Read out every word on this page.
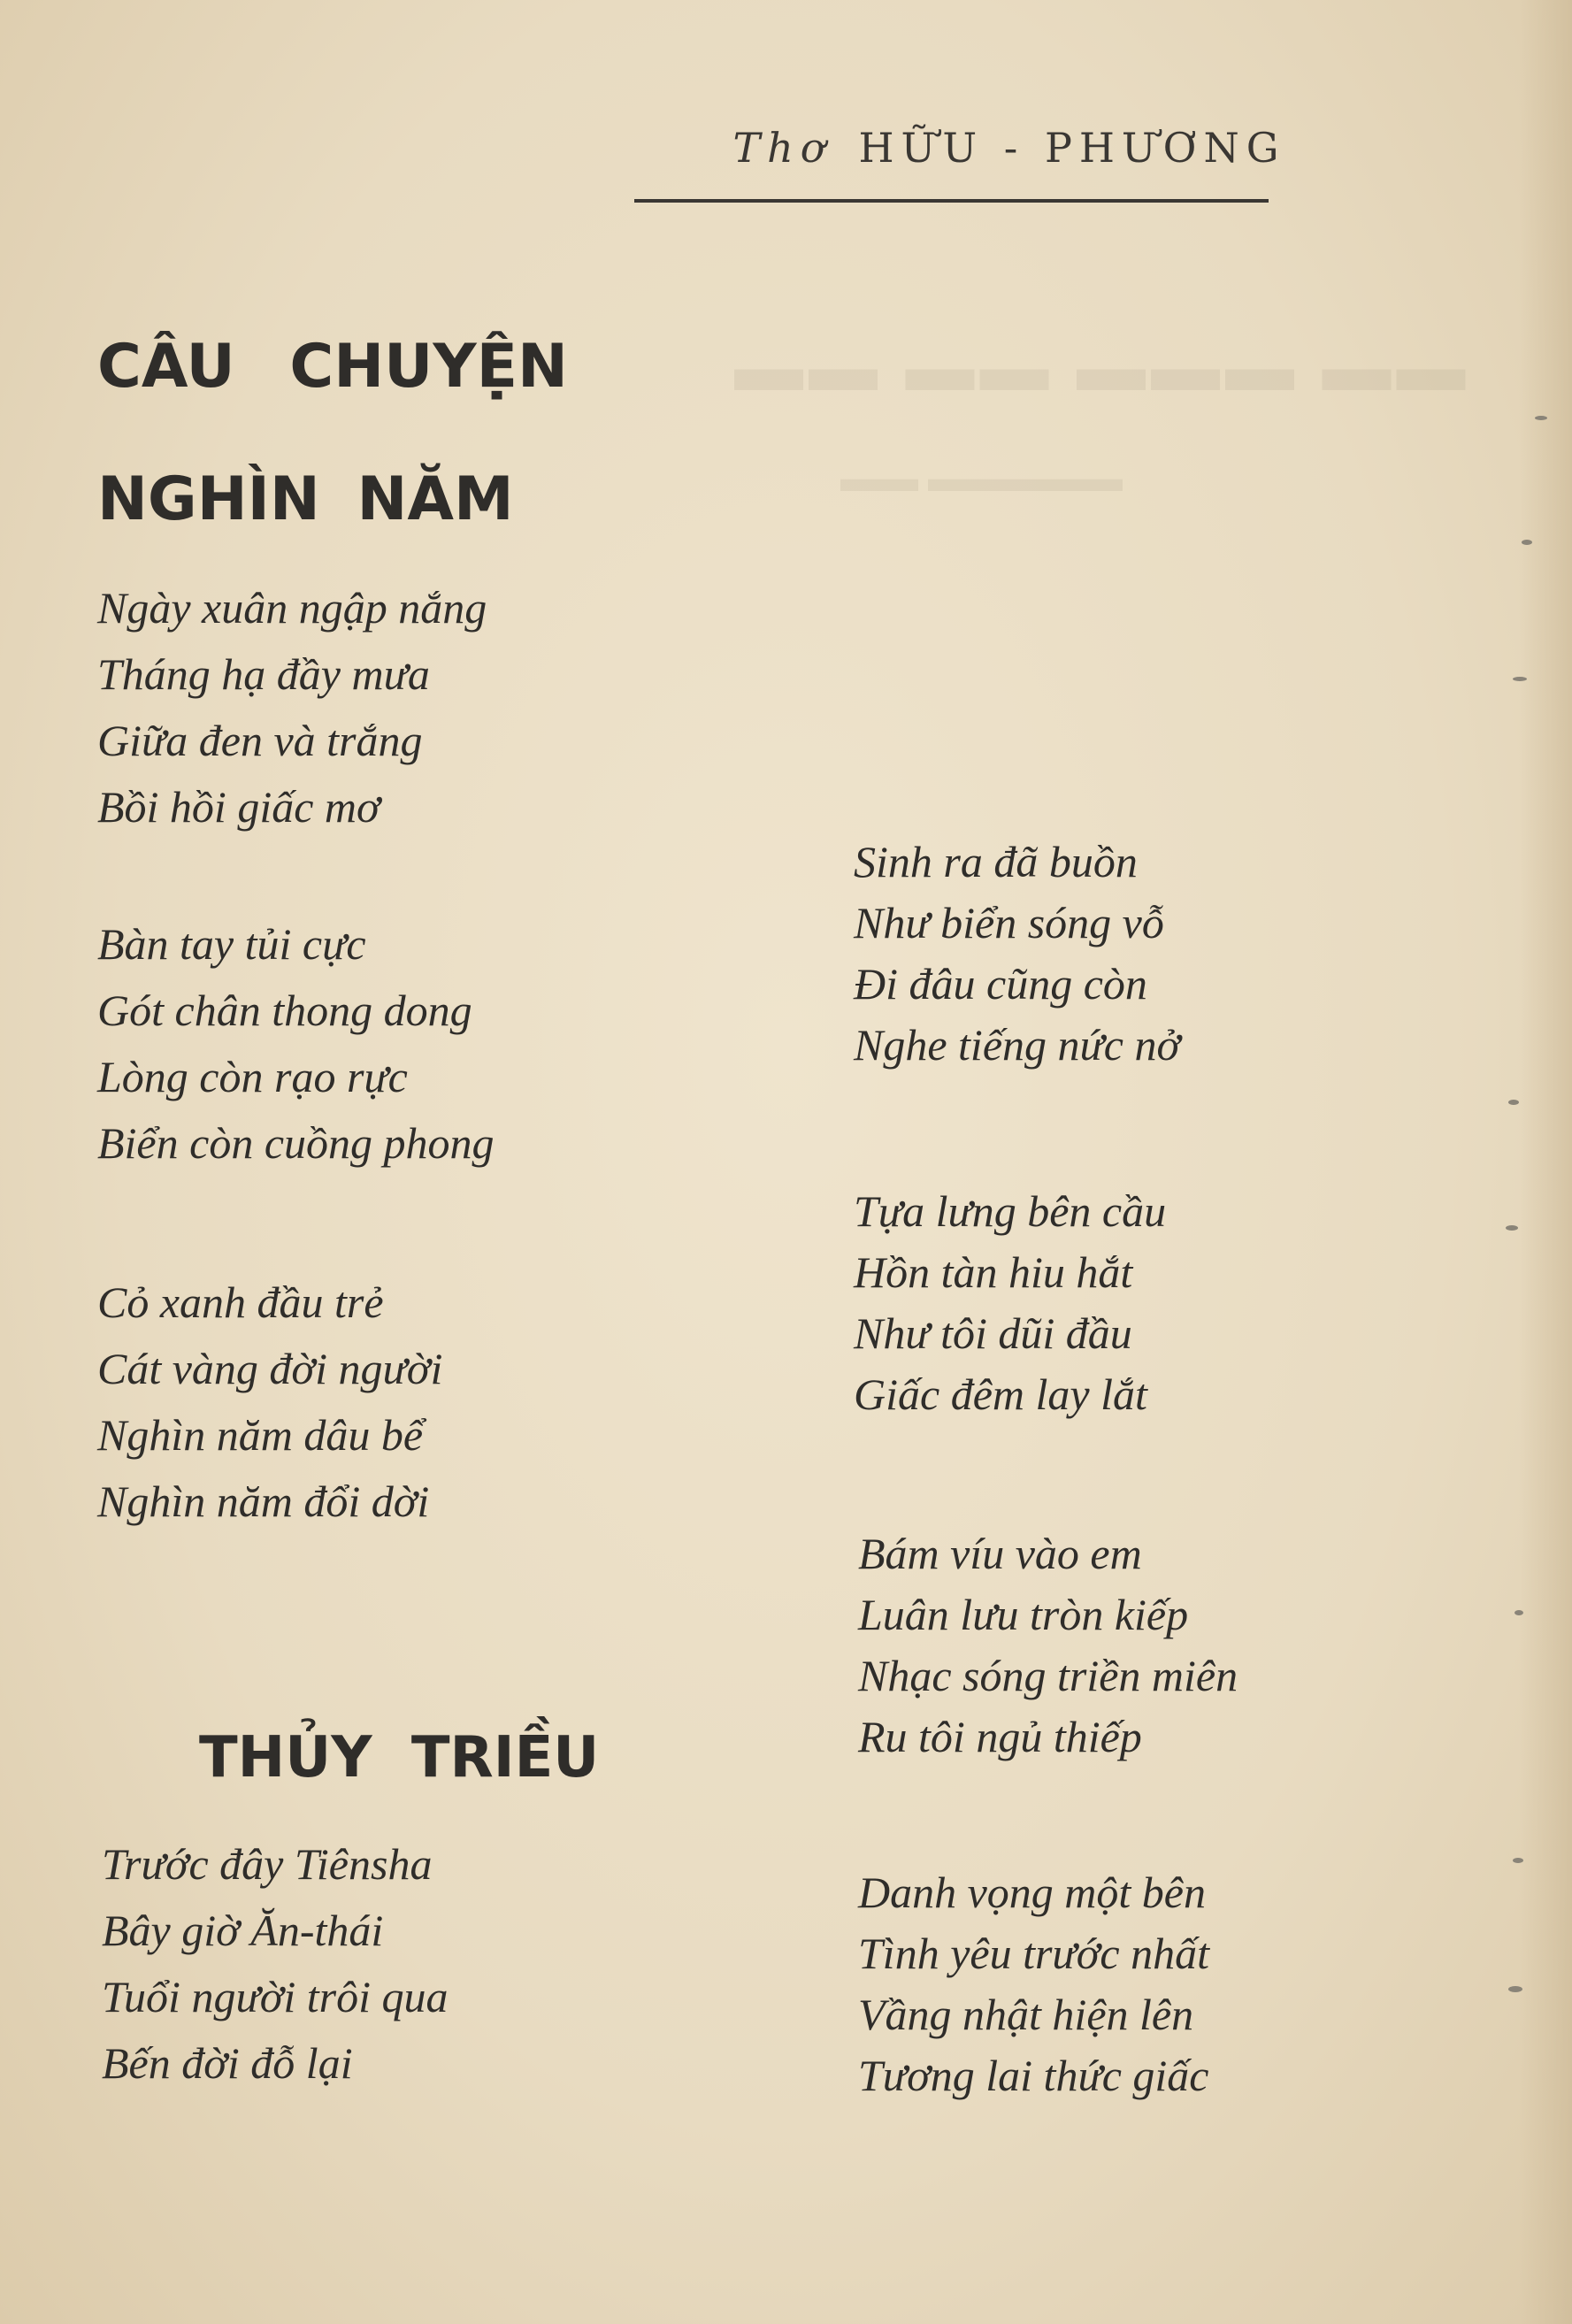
▬▬ ▬▬ ▬▬▬ ▬▬
▬▬ ▬▬▬▬▬
Thơ HỮU - PHƯƠNG
CÂU CHUYỆN
NGHÌN NĂM
Ngày xuân ngập nắng
Tháng hạ đầy mưa
Giữa đen và trắng
Bồi hồi giấc mơ
Bàn tay tủi cực
Gót chân thong dong
Lòng còn rạo rực
Biển còn cuồng phong
Cỏ xanh đầu trẻ
Cát vàng đời người
Nghìn năm dâu bể
Nghìn năm đổi dời
THỦY TRIỀU
Trước đây Tiênsha
Bây giờ Ăn-thái
Tuổi người trôi qua
Bến đời đỗ lại
Sinh ra đã buồn
Như biển sóng vỗ
Đi đâu cũng còn
Nghe tiếng nức nở
Tựa lưng bên cầu
Hồn tàn hiu hắt
Như tôi dũi đầu
Giấc đêm lay lắt
Bám víu vào em
Luân lưu tròn kiếp
Nhạc sóng triền miên
Ru tôi ngủ thiếp
Danh vọng một bên
Tình yêu trước nhất
Vầng nhật hiện lên
Tương lai thức giấc
